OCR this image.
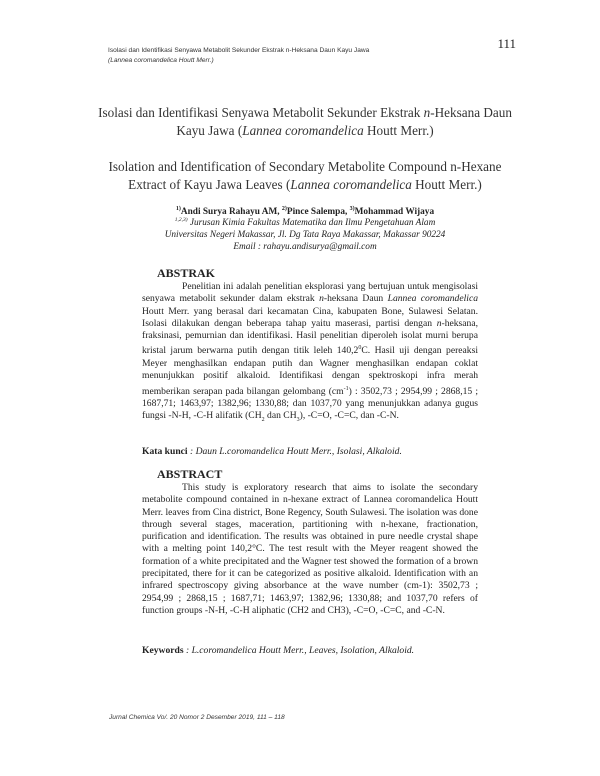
111
Isolasi dan Identifikasi Senyawa Metabolit Sekunder Ekstrak n-Heksana Daun Kayu Jawa
(Lannea coromandelica Houtt Merr.)
Isolasi dan Identifikasi Senyawa Metabolit Sekunder Ekstrak n-Heksana Daun
Kayu Jawa (Lannea coromandelica Houtt Merr.)
Isolation and Identification of Secondary Metabolite Compound n-Hexane
Extract of Kayu Jawa Leaves (Lannea coromandelica Houtt Merr.)
$^{1)}$Andi Surya Rahayu AM, $^{2)}$Pince Salempa, $^{3)}$Mohammad Wijaya
$^{1,2,3)}$ Jurusan Kimia Fakultas Matematika dan Ilmu Pengetahuan Alam
Universitas Negeri Makassar, Jl. Dg Tata Raya Makassar, Makassar 90224
Email : rahayu.andisurya@gmail.com
ABSTRAK

Penelitian ini adalah penelitian eksplorasi yang bertujuan untuk mengisolasi senyawa metabolit sekunder dalam ekstrak n-heksana Daun Lannea coromandelica Houtt Merr. yang berasal dari kecamatan Cina, kabupaten Bone, Sulawesi Selatan. Isolasi dilakukan dengan beberapa tahap yaitu maserasi, partisi dengan n-heksana, fraksinasi, pemurnian dan identifikasi. Hasil penelitian diperoleh isolat murni berupa kristal jarum berwarna putih dengan titik leleh 140,2$^0$C. Hasil uji dengan pereaksi Meyer menghasilkan endapan putih dan Wagner menghasilkan endapan coklat menunjukkan positif alkaloid. Identifikasi dengan spektroskopi infra merah memberikan serapan pada bilangan gelombang $(cm^{-1})$ : 3502,73 ; 2954,99 ; 2868,15 ; 1687,71; 1463,97; 1382,96; 1330,88; dan 1037,70 yang menunjukkan adanya gugus fungsi -N-H, -C-H alifatik ($CH_2$ dan $CH_3$), -C=O, -C=C, dan -C-N.

Kata kunci : Daun L.coromandelica Houtt Merr., Isolasi, Alkaloid.
ABSTRACT

This study is exploratory research that aims to isolate the secondary metabolite compound contained in n-hexane extract of Lannea coromandelica Houtt Merr. leaves from Cina district, Bone Regency, South Sulawesi. The isolation was done through several stages, maceration, partitioning with n-hexane, fractionation, purification and identification. The results was obtained in pure needle crystal shape with a melting point 140,2°C. The test result with the Meyer reagent showed the formation of a white precipitated and the Wagner test showed the formation of a brown precipitated, there for it can be categorized as positive alkaloid. Identification with an infrared spectroscopy giving absorbance at the wave number (cm-1): 3502,73 ; 2954,99 ; 2868,15 ; 1687,71; 1463,97; 1382,96; 1330,88; and 1037,70 refers of function groups -N-H, -C-H aliphatic (CH2 and CH3), -C=O, -C=C, and -C-N.

Keywords : L.coromandelica Houtt Merr., Leaves, Isolation, Alkaloid.
Jurnal Chemica Vo/. 20 Nomor 2 Desember 2019, 111 – 118
